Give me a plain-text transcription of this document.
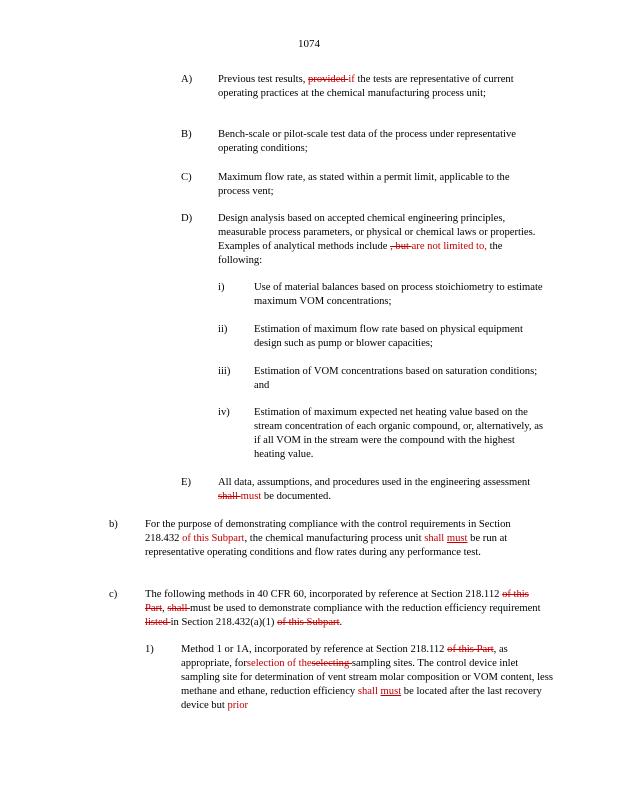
1074
A) Previous test results, provided if the tests are representative of current operating practices at the chemical manufacturing process unit;
B) Bench-scale or pilot-scale test data of the process under representative operating conditions;
C) Maximum flow rate, as stated within a permit limit, applicable to the process vent;
D) Design analysis based on accepted chemical engineering principles, measurable process parameters, or physical or chemical laws or properties. Examples of analytical methods include , but are not limited to, the following:
i)	Use of material balances based on process stoichiometry to estimate maximum VOM concentrations;
ii)	Estimation of maximum flow rate based on physical equipment design such as pump or blower capacities;
iii) Estimation of VOM concentrations based on saturation conditions; and
iv) Estimation of maximum expected net heating value based on the stream concentration of each organic compound, or, alternatively, as if all VOM in the stream were the compound with the highest heating value.
E)	All data, assumptions, and procedures used in the engineering assessment shall must be documented.
b)	For the purpose of demonstrating compliance with the control requirements in Section 218.432 of this Subpart, the chemical manufacturing process unit shall must be run at representative operating conditions and flow rates during any performance test.
c)	The following methods in 40 CFR 60, incorporated by reference at Section 218.112 of this Part, shall must be used to demonstrate compliance with the reduction efficiency requirement listed in Section 218.432(a)(1) of this Subpart.
1)	Method 1 or 1A, incorporated by reference at Section 218.112 of this Part, as appropriate, forselection of theselecting sampling sites. The control device inlet sampling site for determination of vent stream molar composition or VOM content, less methane and ethane, reduction efficiency shall must be located after the last recovery device but prior
